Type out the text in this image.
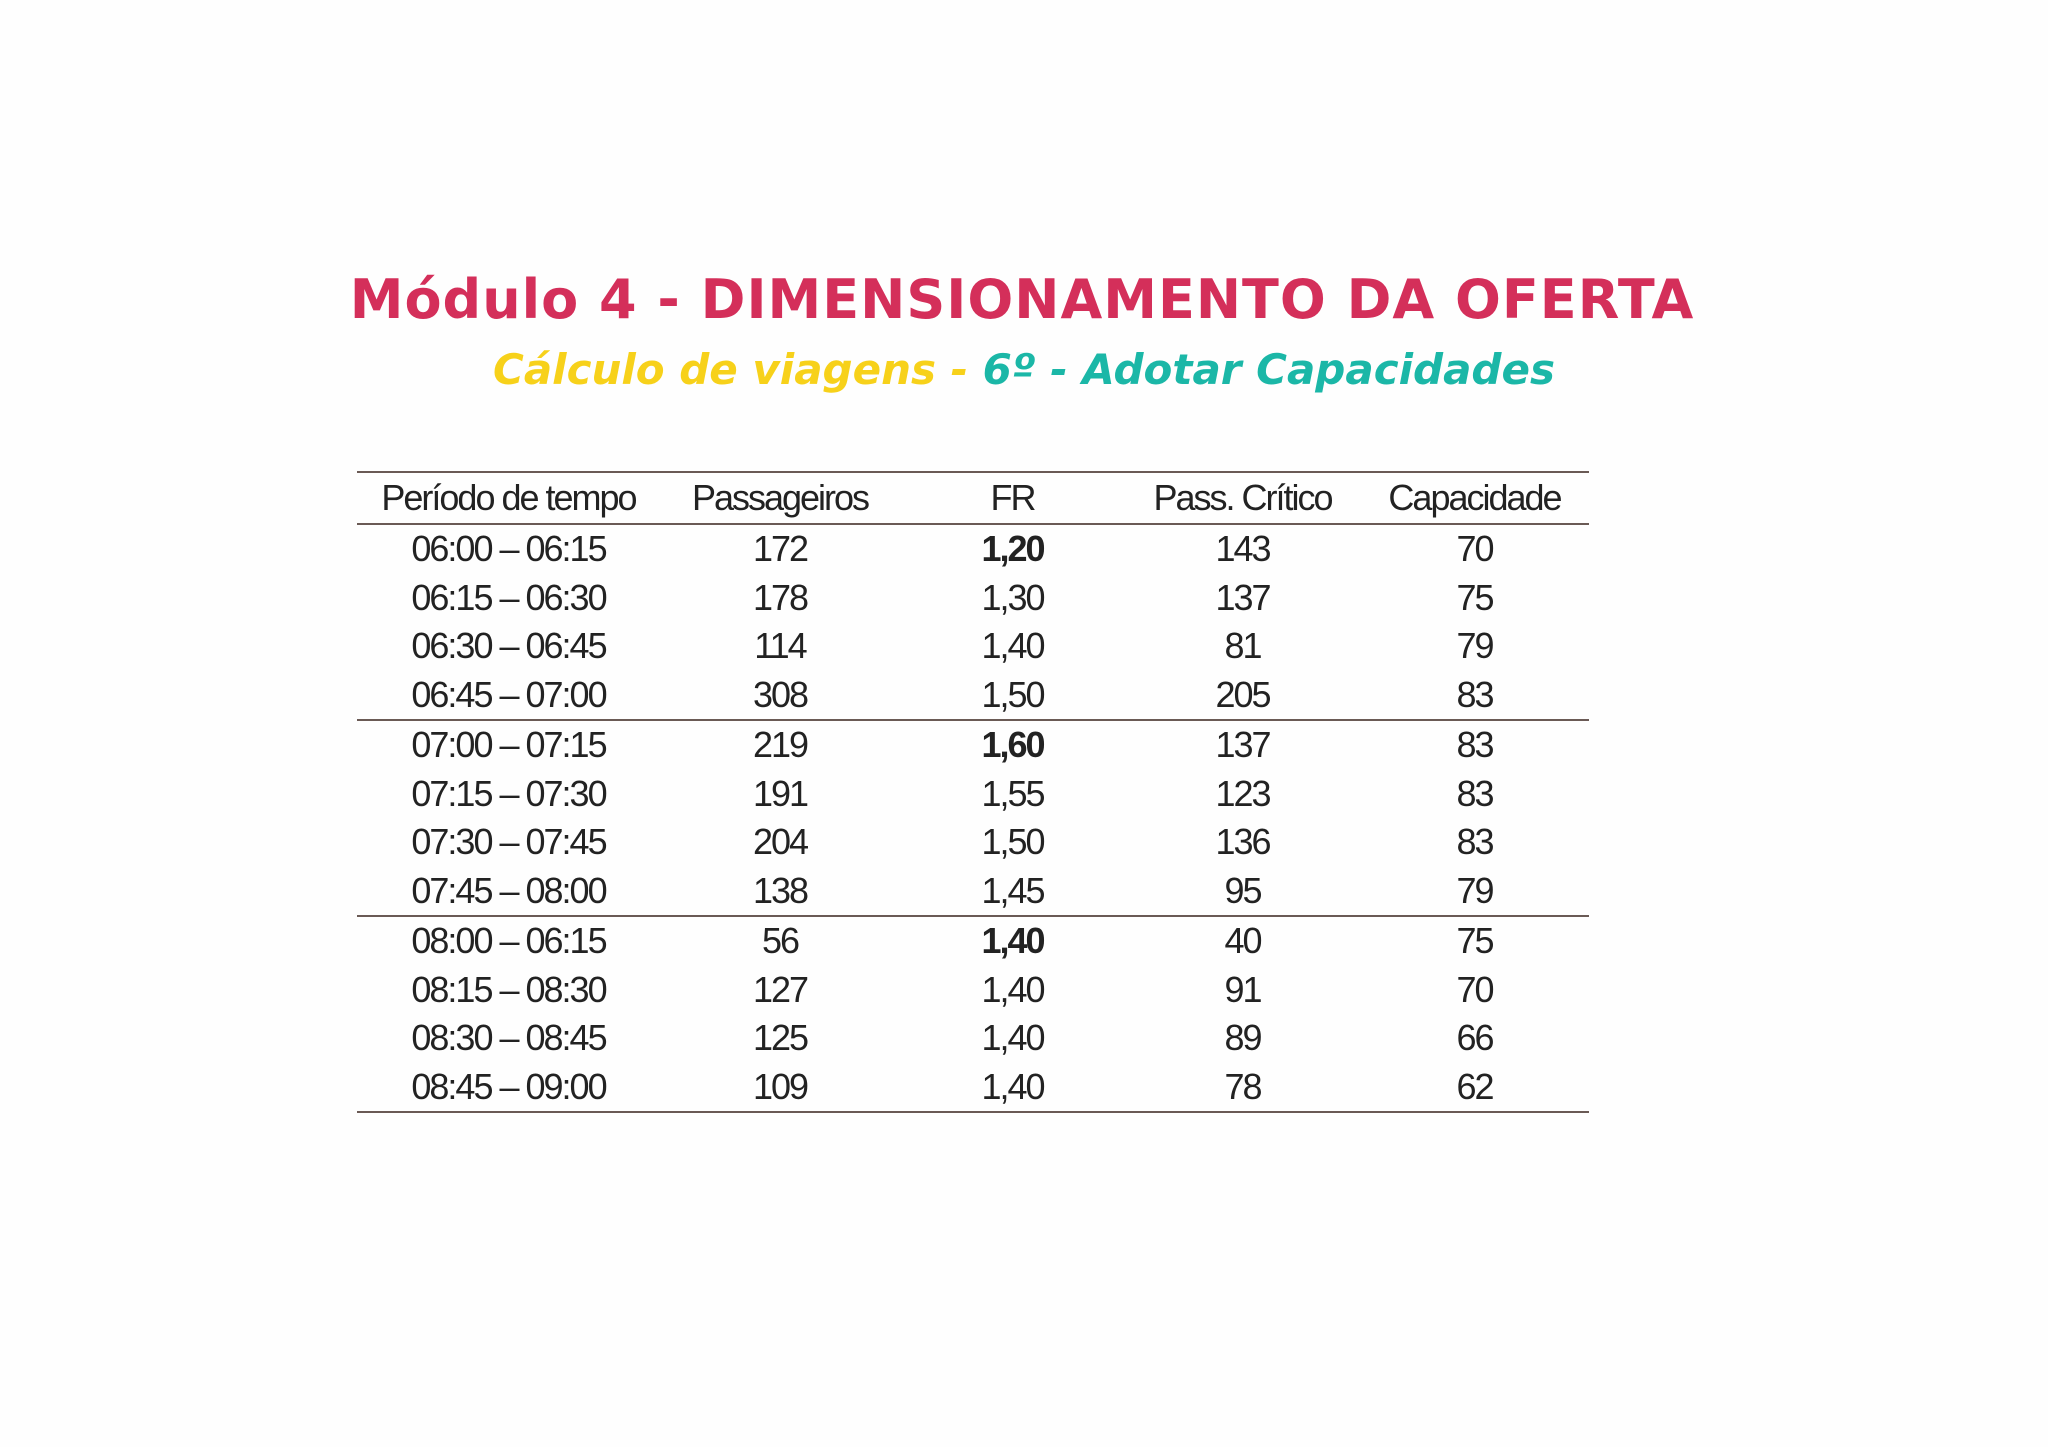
Módulo 4 - DIMENSIONAMENTO DA OFERTA
Cálculo de viagens - 6º - Adotar Capacidades
Período de tempo	Passageiros	FR	Pass. Crítico	Capacidade
06:00 – 06:15	172	1,20	143	70
06:15 – 06:30	178	1,30	137	75
06:30 – 06:45	114	1,40	81	79
06:45 – 07:00	308	1,50	205	83
07:00 – 07:15	219	1,60	137	83
07:15 – 07:30	191	1,55	123	83
07:30 – 07:45	204	1,50	136	83
07:45 – 08:00	138	1,45	95	79
08:00 – 06:15	56	1,40	40	75
08:15 – 08:30	127	1,40	91	70
08:30 – 08:45	125	1,40	89	66
08:45 – 09:00	109	1,40	78	62
